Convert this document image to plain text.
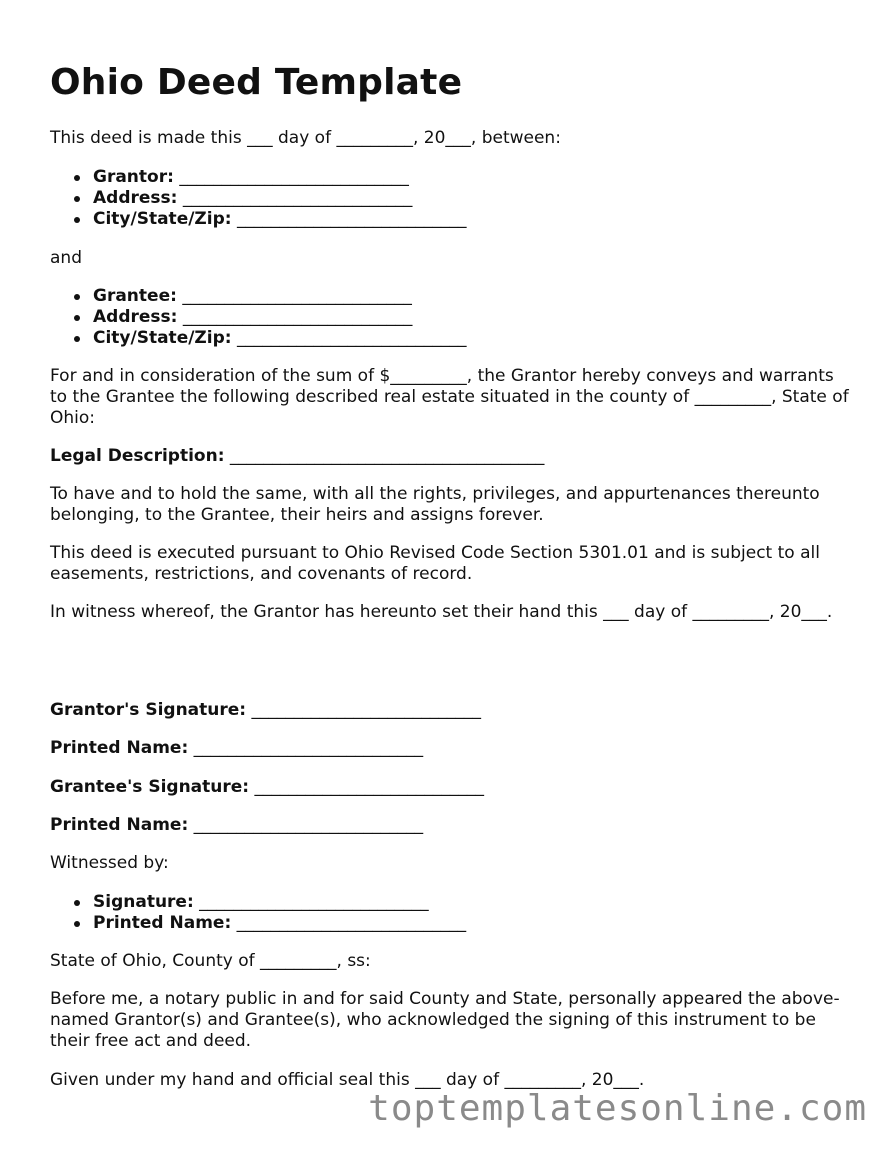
Ohio Deed Template
This deed is made this ___ day of _________, 20___, between:
Grantor: ___________________________
Address: ___________________________
City/State/Zip: ___________________________
and
Grantee: ___________________________
Address: ___________________________
City/State/Zip: ___________________________
For and in consideration of the sum of $_________, the Grantor hereby conveys and warrants to the Grantee the following described real estate situated in the county of _________, State of Ohio:
Legal Description: _____________________________________
To have and to hold the same, with all the rights, privileges, and appurtenances thereunto belonging, to the Grantee, their heirs and assigns forever.
This deed is executed pursuant to Ohio Revised Code Section 5301.01 and is subject to all easements, restrictions, and covenants of record.
In witness whereof, the Grantor has hereunto set their hand this ___ day of _________, 20___.
Grantor's Signature: ___________________________
Printed Name: ___________________________
Grantee's Signature: ___________________________
Printed Name: ___________________________
Witnessed by:
Signature: ___________________________
Printed Name: ___________________________
State of Ohio, County of _________, ss:
Before me, a notary public in and for said County and State, personally appeared the above-named Grantor(s) and Grantee(s), who acknowledged the signing of this instrument to be their free act and deed.
Given under my hand and official seal this ___ day of _________, 20___.
toptemplatesonline.com
